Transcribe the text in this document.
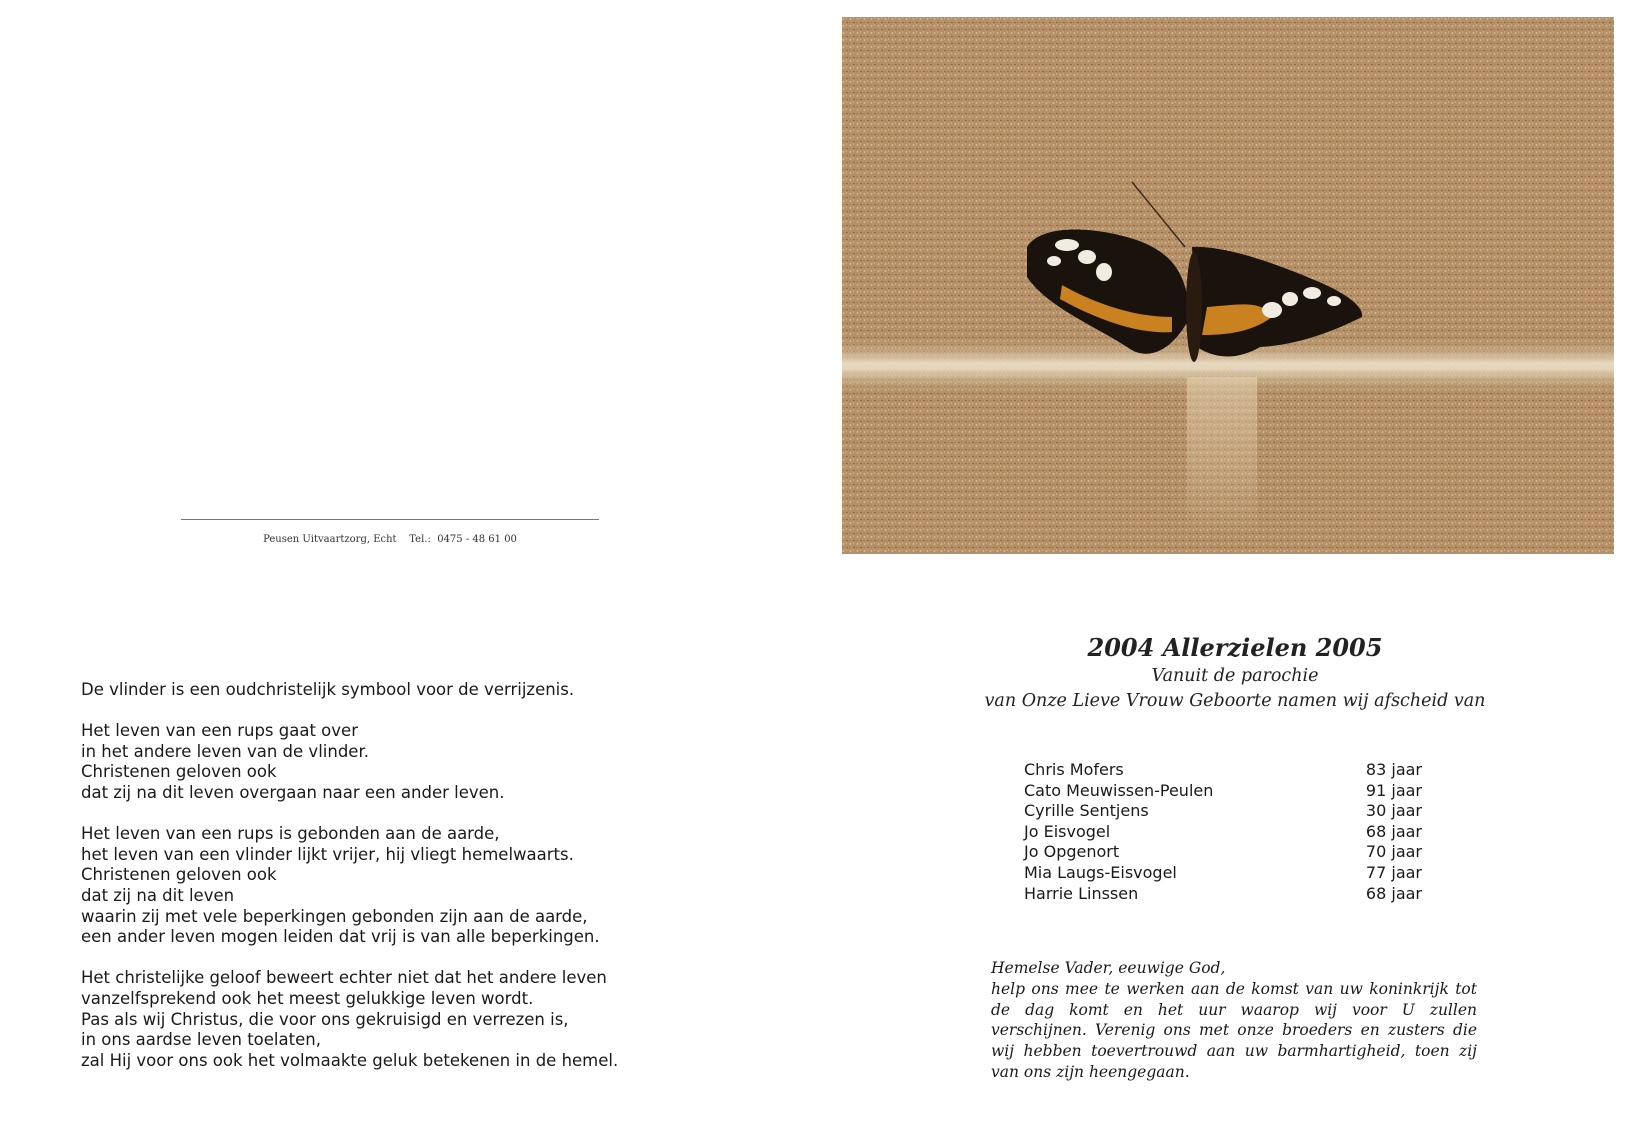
Peusen Uitvaartzorg, Echt    Tel.:  0475 - 48 61 00

De vlinder is een oudchristelijk symbool voor de verrijzenis.

Het leven van een rups gaat over

in het andere leven van de vlinder.

Christenen geloven ook

dat zij na dit leven overgaan naar een ander leven.

Het leven van een rups is gebonden aan de aarde,

het leven van een vlinder lijkt vrijer, hij vliegt hemelwaarts.

Christenen geloven ook

dat zij na dit leven

waarin zij met vele beperkingen gebonden zijn aan de aarde,

een ander leven mogen leiden dat vrij is van alle beperkingen.

Het christelijke geloof beweert echter niet dat het andere leven

vanzelfsprekend ook het meest gelukkige leven wordt.

Pas als wij Christus, die voor ons gekruisigd en verrezen is,

in ons aardse leven toelaten,

zal Hij voor ons ook het volmaakte geluk betekenen in de hemel.

2004 Allerzielen 2005
Vanuit de parochie
van Onze Lieve Vrouw Geboorte namen wij afscheid van
Chris Mofers	83 jaar
Cato Meuwissen-Peulen	91 jaar
Cyrille Sentjens	30 jaar
Jo Eisvogel	68 jaar
Jo Opgenort	70 jaar
Mia Laugs-Eisvogel	77 jaar
Harrie Linssen	68 jaar

Hemelse Vader, eeuwige God,

help ons mee te werken aan de komst van uw koninkrijk tot de dag komt en het uur waarop wij voor U zullen verschijnen. Verenig ons met onze broeders en zusters die wij hebben toevertrouwd aan uw barmhartigheid, toen zij van ons zijn heengegaan.
